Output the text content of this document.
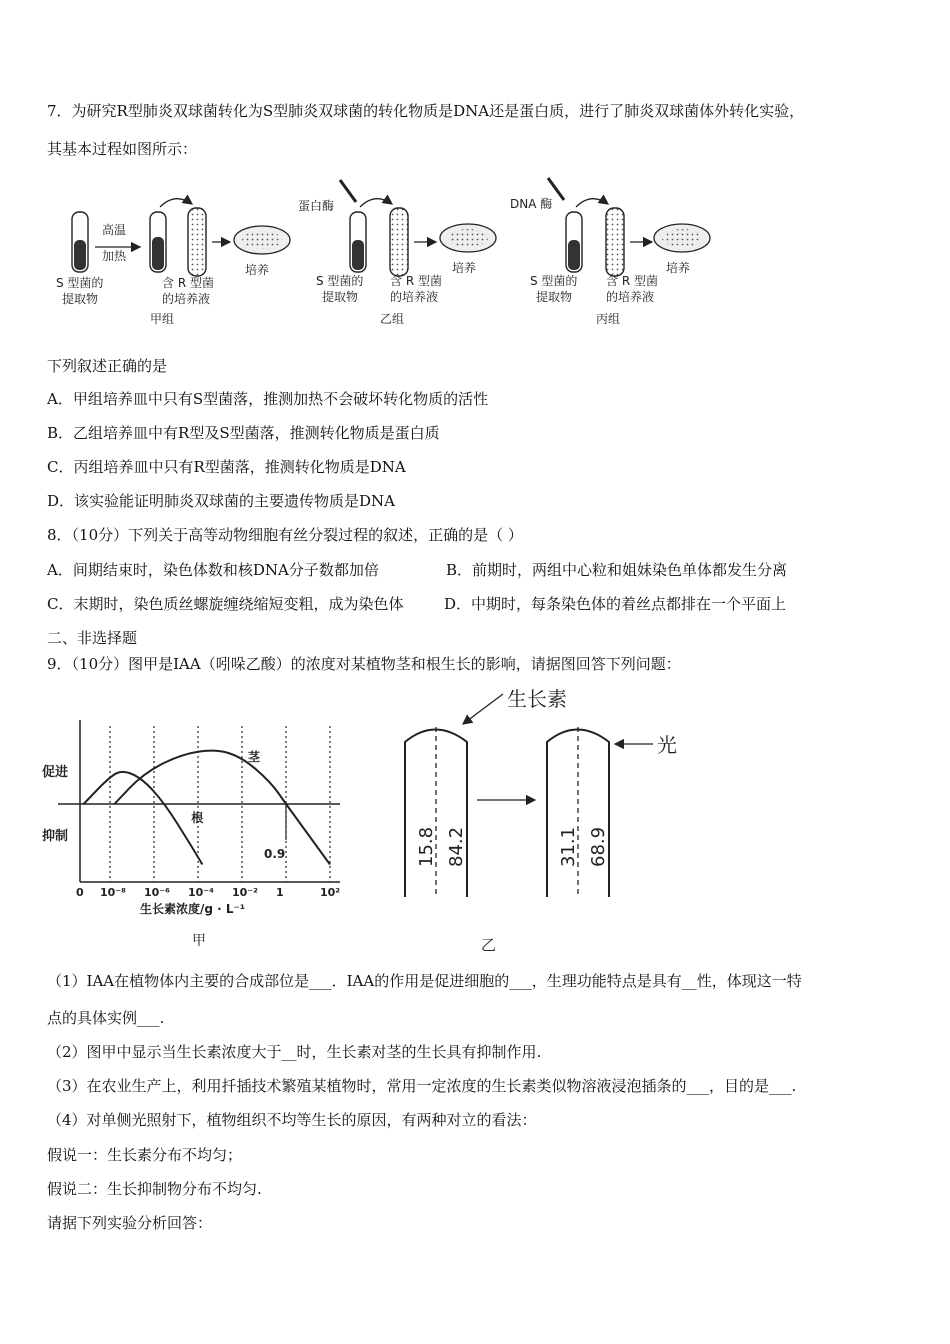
7．为研究R型肺炎双球菌转化为S型肺炎双球菌的转化物质是DNA还是蛋白质，进行了肺炎双球菌体外转化实验，
其基本过程如图所示：
高温
加热
培养
S 型菌的
提取物
含 R 型菌
的培养液
甲组
蛋白酶
培养
S 型菌的
提取物
含 R 型菌
的培养液
乙组
DNA 酶
培养
S 型菌的
提取物
含 R 型菌
的培养液
丙组
下列叙述正确的是
A．甲组培养皿中只有S型菌落，推测加热不会破坏转化物质的活性
B．乙组培养皿中有R型及S型菌落，推测转化物质是蛋白质
C．丙组培养皿中只有R型菌落，推测转化物质是DNA
D．该实验能证明肺炎双球菌的主要遗传物质是DNA
8．（10分）下列关于高等动物细胞有丝分裂过程的叙述，正确的是（ ）
A．间期结束时，染色体数和核DNA分子数都加倍	B．前期时，两组中心粒和姐妹染色单体都发生分离
C．末期时，染色质丝螺旋缠绕缩短变粗，成为染色体	D．中期时，每条染色体的着丝点都排在一个平面上
二、非选择题
9．（10分）图甲是IAA（吲哚乙酸）的浓度对某植物茎和根生长的影响，请据图回答下列问题：
促进
抑制
0 10⁻⁸ 10⁻⁶ 10⁻⁴ 10⁻² 1	10²
根
茎
0.9
生长素浓度/g · L⁻¹
甲
生长素
15.8 84.2
光
31.1 68.9
乙
（1）IAA在植物体内主要的合成部位是___．IAA的作用是促进细胞的___，生理功能特点是具有__性，体现这一特
点的具体实例___.
（2）图甲中显示当生长素浓度大于__时，生长素对茎的生长具有抑制作用.
（3）在农业生产上，利用扦插技术繁殖某植物时，常用一定浓度的生长素类似物溶液浸泡插条的___，目的是___.
（4）对单侧光照射下，植物组织不均等生长的原因，有两种对立的看法：
假说一：生长素分布不均匀；
假说二：生长抑制物分布不均匀.
请据下列实验分析回答：
